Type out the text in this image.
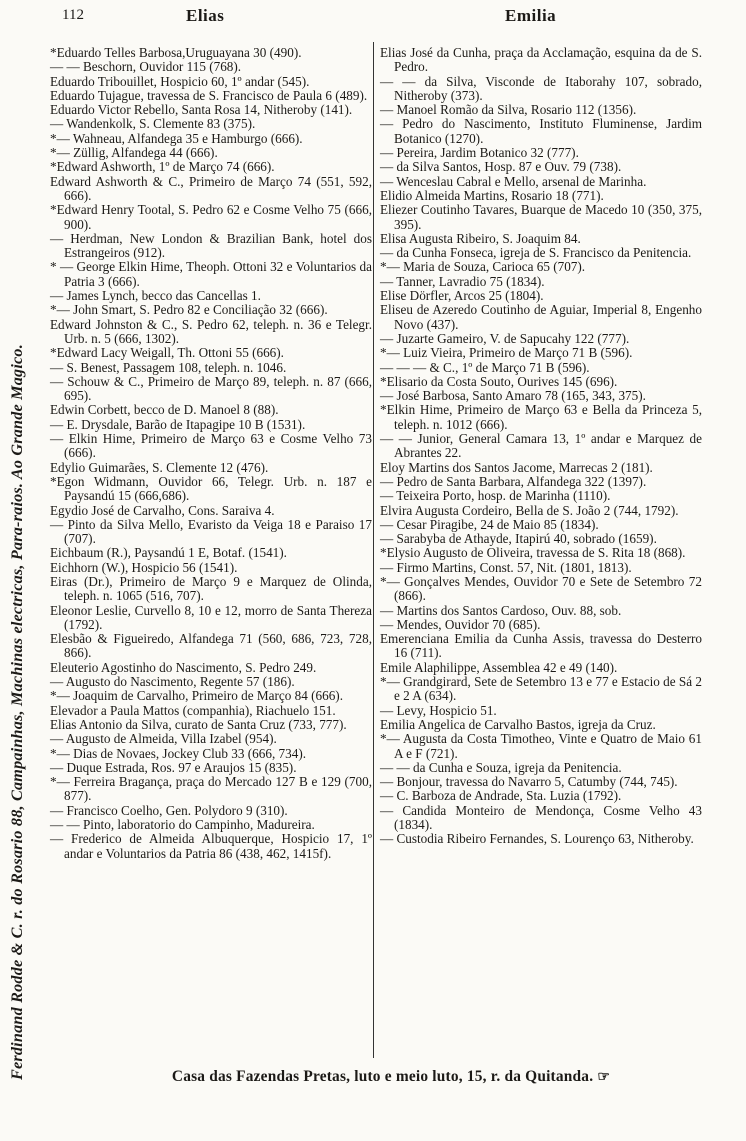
Ferdinand Rodde & C. r. do Rosario 88, Campainhas, Machinas electricas, Para-raios. Ao Grande Magico.
112	Elias	Emilia
*Eduardo Telles Barbosa,Uruguayana 30 (490).
— — Beschorn, Ouvidor 115 (768).
Eduardo Tribouillet, Hospicio 60, 1º andar (545).
Eduardo Tujague, travessa de S. Francisco de Paula 6 (489).
Eduardo Victor Rebello, Santa Rosa 14, Nitheroby (141).
— Wandenkolk, S. Clemente 83 (375).
*— Wahneau, Alfandega 35 e Hamburgo (666).
*— Züllig, Alfandega 44 (666).
*Edward Ashworth, 1º de Março 74 (666).
Edward Ashworth & C., Primeiro de Março 74 (551, 592, 666).
*Edward Henry Tootal, S. Pedro 62 e Cosme Velho 75 (666, 900).
— Herdman, New London & Brazilian Bank, hotel dos Estrangeiros (912).
* — George Elkin Hime, Theoph. Ottoni 32 e Voluntarios da Patria 3 (666).
— James Lynch, becco das Cancellas 1.
*— John Smart, S. Pedro 82 e Conciliação 32 (666).
Edward Johnston & C., S. Pedro 62, teleph. n. 36 e Telegr. Urb. n. 5 (666, 1302).
*Edward Lacy Weigall, Th. Ottoni 55 (666).
— S. Benest, Passagem 108, teleph. n. 1046.
— Schouw & C., Primeiro de Março 89, teleph. n. 87 (666, 695).
Edwin Corbett, becco de D. Manoel 8 (88).
— E. Drysdale, Barão de Itapagipe 10 B (1531).
— Elkin Hime, Primeiro de Março 63 e Cosme Velho 73 (666).
Edylio Guimarães, S. Clemente 12 (476).
*Egon Widmann, Ouvidor 66, Telegr. Urb. n. 187 e Paysandú 15 (666,686).
Egydio José de Carvalho, Cons. Saraiva 4.
— Pinto da Silva Mello, Evaristo da Veiga 18 e Paraiso 17 (707).
Eichbaum (R.), Paysandú 1 E, Botaf. (1541).
Eichhorn (W.), Hospicio 56 (1541).
Eiras (Dr.), Primeiro de Março 9 e Marquez de Olinda, teleph. n. 1065 (516, 707).
Eleonor Leslie, Curvello 8, 10 e 12, morro de Santa Thereza (1792).
Elesbão & Figueiredo, Alfandega 71 (560, 686, 723, 728, 866).
Eleuterio Agostinho do Nascimento, S. Pedro 249.
— Augusto do Nascimento, Regente 57 (186).
*— Joaquim de Carvalho, Primeiro de Março 84 (666).
Elevador a Paula Mattos (companhia), Riachuelo 151.
Elias Antonio da Silva, curato de Santa Cruz (733, 777).
— Augusto de Almeida, Villa Izabel (954).
*— Dias de Novaes, Jockey Club 33 (666, 734).
— Duque Estrada, Ros. 97 e Araujos 15 (835).
*— Ferreira Bragança, praça do Mercado 127 B e 129 (700, 877).
— Francisco Coelho, Gen. Polydoro 9 (310).
— — Pinto, laboratorio do Campinho, Madureira.
— Frederico de Almeida Albuquerque, Hospicio 17, 1º andar e Voluntarios da Patria 86 (438, 462, 1415f).
Elias José da Cunha, praça da Acclamação, esquina da de S. Pedro.
— — da Silva, Visconde de Itaborahy 107, sobrado, Nitheroby (373).
— Manoel Romão da Silva, Rosario 112 (1356).
— Pedro do Nascimento, Instituto Fluminense, Jardim Botanico (1270).
— Pereira, Jardim Botanico 32 (777).
— da Silva Santos, Hosp. 87 e Ouv. 79 (738).
— Wenceslau Cabral e Mello, arsenal de Marinha.
Elidio Almeida Martins, Rosario 18 (771).
Eliezer Coutinho Tavares, Buarque de Macedo 10 (350, 375, 395).
Elisa Augusta Ribeiro, S. Joaquim 84.
— da Cunha Fonseca, igreja de S. Francisco da Penitencia.
*— Maria de Souza, Carioca 65 (707).
— Tanner, Lavradio 75 (1834).
Elise Dörfler, Arcos 25 (1804).
Eliseu de Azeredo Coutinho de Aguiar, Imperial 8, Engenho Novo (437).
— Juzarte Gameiro, V. de Sapucahy 122 (777).
*— Luiz Vieira, Primeiro de Março 71 B (596).
— — — & C., 1º de Março 71 B (596).
*Elisario da Costa Souto, Ourives 145 (696).
— José Barbosa, Santo Amaro 78 (165, 343, 375).
*Elkin Hime, Primeiro de Março 63 e Bella da Princeza 5, teleph. n. 1012 (666).
— — Junior, General Camara 13, 1º andar e Marquez de Abrantes 22.
Eloy Martins dos Santos Jacome, Marrecas 2 (181).
— Pedro de Santa Barbara, Alfandega 322 (1397).
— Teixeira Porto, hosp. de Marinha (1110).
Elvira Augusta Cordeiro, Bella de S. João 2 (744, 1792).
— Cesar Piragibe, 24 de Maio 85 (1834).
— Sarabyba de Athayde, Itapirú 40, sobrado (1659).
*Elysio Augusto de Oliveira, travessa de S. Rita 18 (868).
— Firmo Martins, Const. 57, Nit. (1801, 1813).
*— Gonçalves Mendes, Ouvidor 70 e Sete de Setembro 72 (866).
— Martins dos Santos Cardoso, Ouv. 88, sob.
— Mendes, Ouvidor 70 (685).
Emerenciana Emilia da Cunha Assis, travessa do Desterro 16 (711).
Emile Alaphilippe, Assemblea 42 e 49 (140).
*— Grandgirard, Sete de Setembro 13 e 77 e Estacio de Sá 2 e 2 A (634).
— Levy, Hospicio 51.
Emilia Angelica de Carvalho Bastos, igreja da Cruz.
*— Augusta da Costa Timotheo, Vinte e Quatro de Maio 61 A e F (721).
— — da Cunha e Souza, igreja da Penitencia.
— Bonjour, travessa do Navarro 5, Catumby (744, 745).
— C. Barboza de Andrade, Sta. Luzia (1792).
— Candida Monteiro de Mendonça, Cosme Velho 43 (1834).
— Custodia Ribeiro Fernandes, S. Lourenço 63, Nitheroby.
Casa das Fazendas Pretas, luto e meio luto, 15, r. da Quitanda. ☞
